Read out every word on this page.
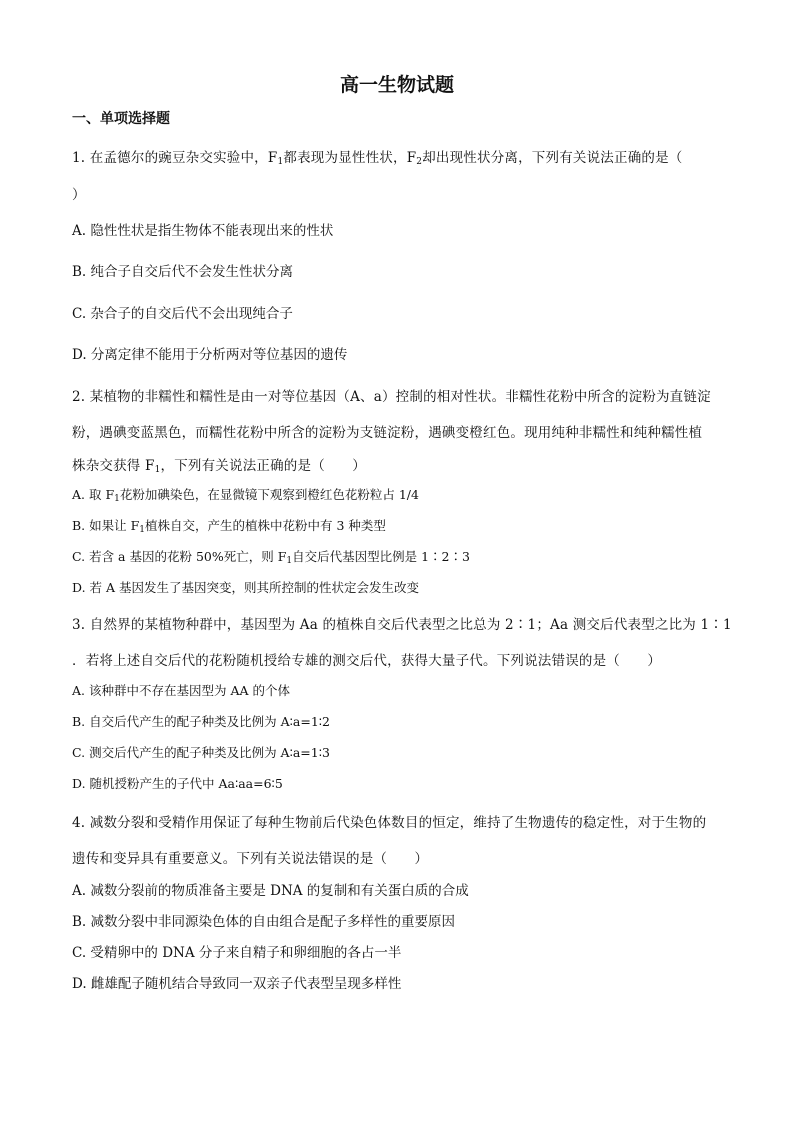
高一生物试题
一、单项选择题
1. 在孟德尔的豌豆杂交实验中，$F_1$都表现为显性性状，$F_2$却出现性状分离，下列有关说法正确的是（
）
A. 隐性性状是指生物体不能表现出来的性状
B. 纯合子自交后代不会发生性状分离
C. 杂合子的自交后代不会出现纯合子
D. 分离定律不能用于分析两对等位基因的遗传
2. 某植物的非糯性和糯性是由一对等位基因（A、a）控制的相对性状。非糯性花粉中所含的淀粉为直链淀
粉，遇碘变蓝黑色，而糯性花粉中所含的淀粉为支链淀粉，遇碘变橙红色。现用纯种非糯性和纯种糯性植
株杂交获得 $F_1$，下列有关说法正确的是（　　）
A. 取 $F_1$花粉加碘染色，在显微镜下观察到橙红色花粉粒占 1/4
B. 如果让 $F_1$植株自交，产生的植株中花粉中有 3 种类型
C. 若含 a 基因的花粉 50%死亡，则 $F_1$自交后代基因型比例是 1∶2∶3
D. 若 A 基因发生了基因突变，则其所控制的性状定会发生改变
3. 自然界的某植物种群中，基因型为 Aa 的植株自交后代表型之比总为 2∶1；Aa 测交后代表型之比为 1∶1
．若将上述自交后代的花粉随机授给专雄的测交后代，获得大量子代。下列说法错误的是（　　）
A. 该种群中不存在基因型为 AA 的个体
B. 自交后代产生的配子种类及比例为 A∶a=1∶2
C. 测交后代产生的配子种类及比例为 A∶a=1∶3
D. 随机授粉产生的子代中 Aa∶aa=6∶5
4. 减数分裂和受精作用保证了每种生物前后代染色体数目的恒定，维持了生物遗传的稳定性，对于生物的
遗传和变异具有重要意义。下列有关说法错误的是（　　）
A. 减数分裂前的物质准备主要是 DNA 的复制和有关蛋白质的合成
B. 减数分裂中非同源染色体的自由组合是配子多样性的重要原因
C. 受精卵中的 DNA 分子来自精子和卵细胞的各占一半
D. 雌雄配子随机结合导致同一双亲子代表型呈现多样性
